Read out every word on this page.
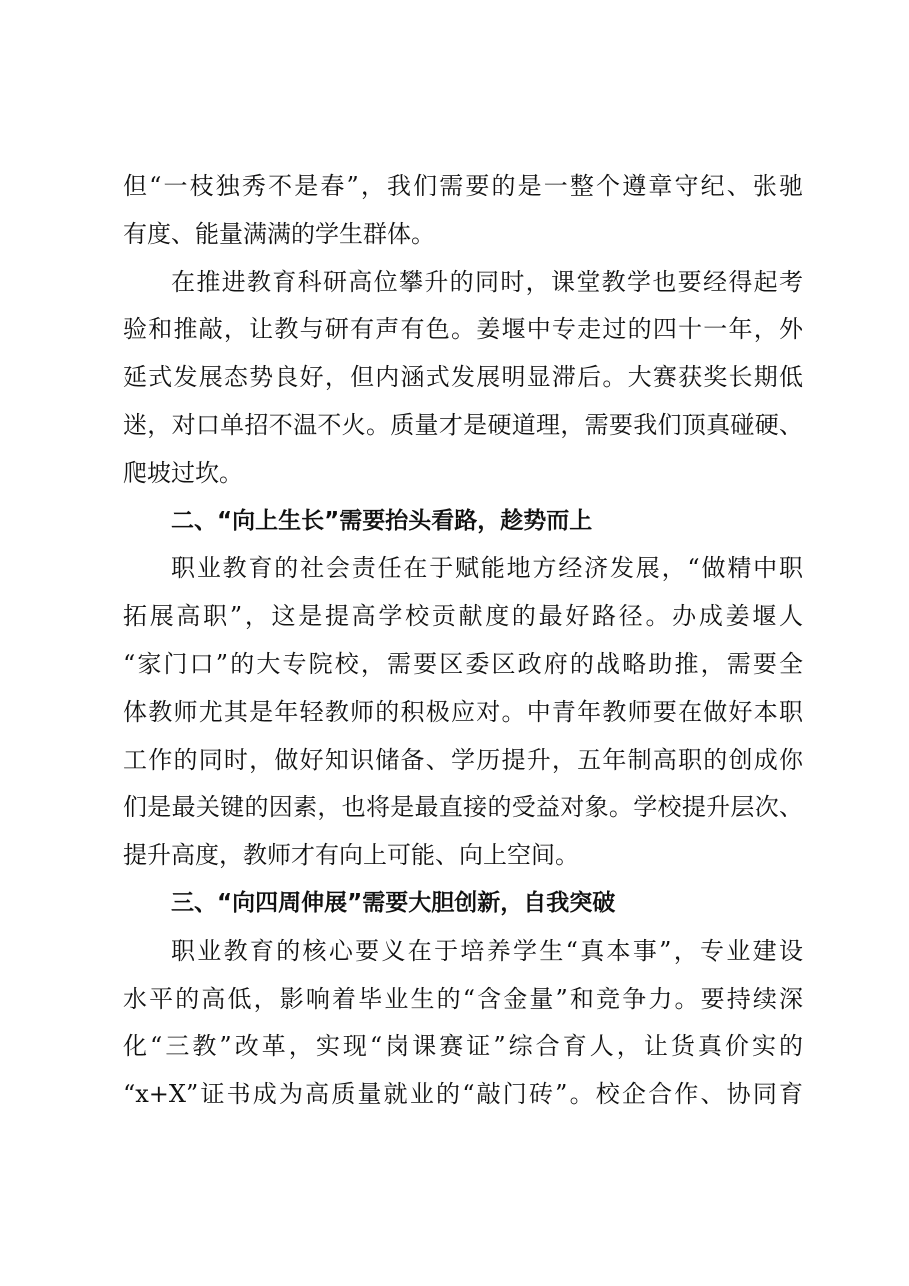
但“一枝独秀不是春”，我们需要的是一整个遵章守纪、张驰
有度、能量满满的学生群体。
在推进教育科研高位攀升的同时，课堂教学也要经得起考
验和推敲，让教与研有声有色。姜堰中专走过的四十一年，外
延式发展态势良好，但内涵式发展明显滞后。大赛获奖长期低
迷，对口单招不温不火。质量才是硬道理，需要我们顶真碰硬、
爬坡过坎。
二、“向上生长”需要抬头看路，趁势而上
职业教育的社会责任在于赋能地方经济发展，“做精中职
拓展高职”，这是提高学校贡献度的最好路径。办成姜堰人
“家门口”的大专院校，需要区委区政府的战略助推，需要全
体教师尤其是年轻教师的积极应对。中青年教师要在做好本职
工作的同时，做好知识储备、学历提升，五年制高职的创成你
们是最关键的因素，也将是最直接的受益对象。学校提升层次、
提升高度，教师才有向上可能、向上空间。
三、“向四周伸展”需要大胆创新，自我突破
职业教育的核心要义在于培养学生“真本事”，专业建设
水平的高低，影响着毕业生的“含金量”和竞争力。要持续深
化“三教”改革，实现“岗课赛证”综合育人，让货真价实的
“x+X”证书成为高质量就业的“敲门砖”。校企合作、协同育
